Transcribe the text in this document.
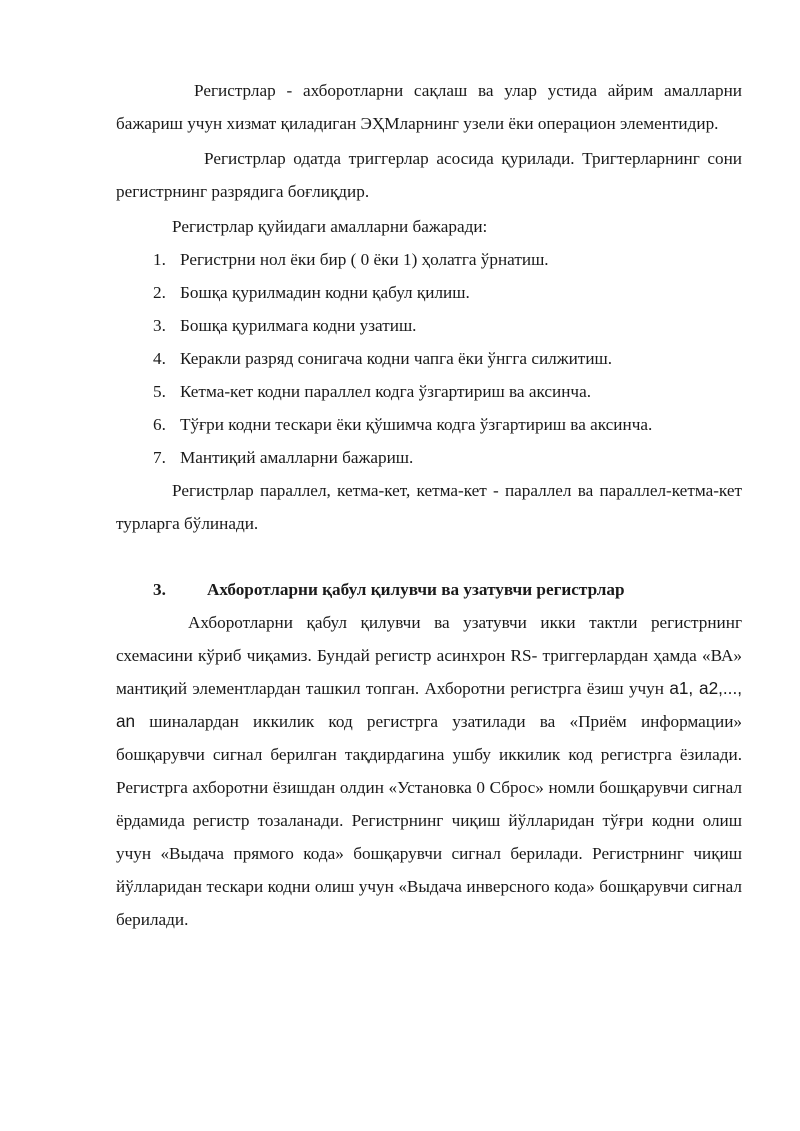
Регистрлар - ахборотларни сақлаш ва улар устида айрим амалларни бажариш учун хизмат қиладиган ЭҲМларнинг узели ёки операцион элементидир.

Регистрлар одатда триггерлар асосида қурилади. Тригтерларнинг сони регистрнинг разрядига боғлиқдир.

Регистрлар қуйидаги амалларни бажаради:

1. Регистрни нол ёки бир ( 0 ёки 1) ҳолатга ўрнатиш.
2. Бошқа қурилмадин кодни қабул қилиш.
3. Бошқа қурилмага кодни узатиш.
4. Керакли разряд сонигача кодни чапга ёки ўнгга силжитиш.
5. Кетма-кет кодни параллел кодга ўзгартириш ва аксинча.
6. Тўғри кодни тескари ёки қўшимча кодга ўзгартириш ва аксинча.
7. Мантиқий амалларни бажариш.

Регистрлар параллел, кетма-кет, кетма-кет - параллел ва параллел-кетма-кет турларга бўлинади.

3.	Ахборотларни қабул қилувчи ва узатувчи регистрлар

Ахборотларни қабул қилувчи ва узатувчи икки тактли регистрнинг схемасини кўриб чиқамиз. Бундай регистр асинхрон RS- триггерлардан ҳамда «ВА» мантиқий элементлардан ташкил топган. Ахборотни регистрга ёзиш учун a1, a2,..., an шиналардан иккилик код регистрга узатилади ва «Приём информации» бошқарувчи сигнал берилган тақдирдагина ушбу иккилик код регистрга ёзилади. Регистрга ахборотни ёзишдан олдин «Установка 0 Сброс» номли бошқарувчи сигнал ёрдамида регистр тозаланади. Регистрнинг чиқиш йўлларидан тўғри кодни олиш учун «Выдача прямого кода» бошқарувчи сигнал берилади. Регистрнинг чиқиш йўлларидан тескари кодни олиш учун «Выдача инверсного кода» бошқарувчи сигнал берилади.
